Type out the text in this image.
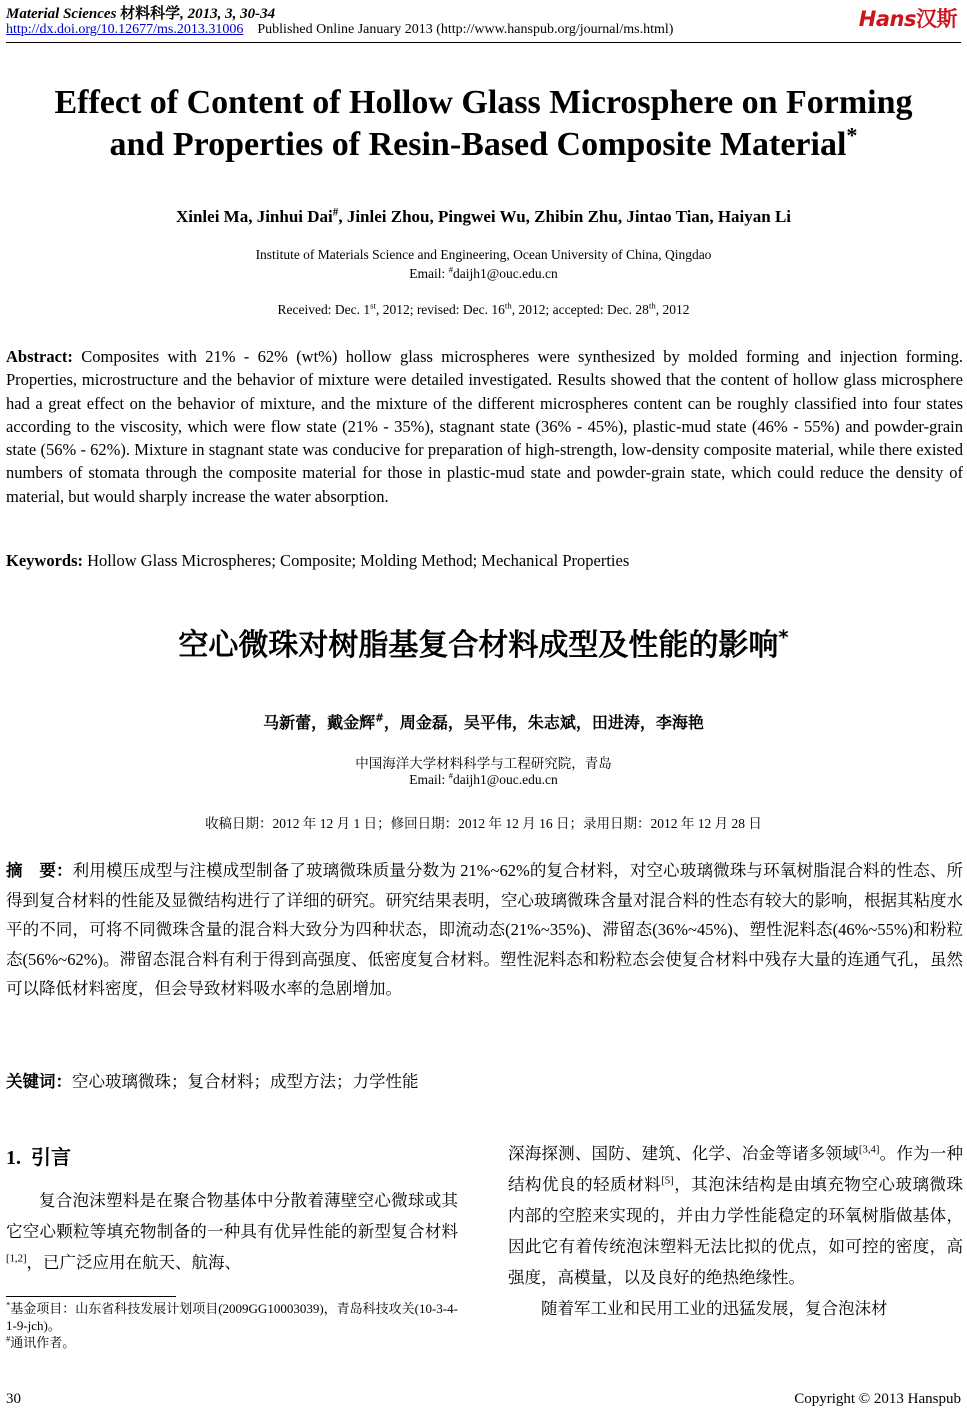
Material Sciences 材料科学, 2013, 3, 30-34
http://dx.doi.org/10.12677/ms.2013.31006 Published Online January 2013 (http://www.hanspub.org/journal/ms.html)	Hans汉斯
Effect of Content of Hollow Glass Microsphere on Forming
and Properties of Resin-Based Composite Material*
Xinlei Ma, Jinhui Dai#, Jinlei Zhou, Pingwei Wu, Zhibin Zhu, Jintao Tian, Haiyan Li
Institute of Materials Science and Engineering, Ocean University of China, Qingdao
Email: #daijh1@ouc.edu.cn
Received: Dec. 1st, 2012; revised: Dec. 16th, 2012; accepted: Dec. 28th, 2012
Abstract: Composites with 21% - 62% (wt%) hollow glass microspheres were synthesized by molded forming and injection forming. Properties, microstructure and the behavior of mixture were detailed investigated. Results showed that the content of hollow glass microsphere had a great effect on the behavior of mixture, and the mixture of the different microspheres content can be roughly classified into four states according to the viscosity, which were flow state (21% - 35%), stagnant state (36% - 45%), plastic-mud state (46% - 55%) and powder-grain state (56% - 62%). Mixture in stagnant state was conducive for preparation of high-strength, low-density composite material, while there existed numbers of stomata through the composite material for those in plastic-mud state and powder-grain state, which could reduce the density of material, but would sharply increase the water absorption.
Keywords: Hollow Glass Microspheres; Composite; Molding Method; Mechanical Properties
空心微珠对树脂基复合材料成型及性能的影响*
马新蕾，戴金辉#，周金磊，吴平伟，朱志斌，田进涛，李海艳
中国海洋大学材料科学与工程研究院，青岛
Email: #daijh1@ouc.edu.cn
收稿日期：2012 年 12 月 1 日；修回日期：2012 年 12 月 16 日；录用日期：2012 年 12 月 28 日
摘　要：利用模压成型与注模成型制备了玻璃微珠质量分数为 21%~62%的复合材料，对空心玻璃微珠与环氧树脂混合料的性态、所得到复合材料的性能及显微结构进行了详细的研究。研究结果表明，空心玻璃微珠含量对混合料的性态有较大的影响，根据其粘度水平的不同，可将不同微珠含量的混合料大致分为四种状态，即流动态(21%~35%)、滞留态(36%~45%)、塑性泥料态(46%~55%)和粉粒态(56%~62%)。滞留态混合料有利于得到高强度、低密度复合材料。塑性泥料态和粉粒态会使复合材料中残存大量的连通气孔，虽然可以降低材料密度，但会导致材料吸水率的急剧增加。
关键词：空心玻璃微珠；复合材料；成型方法；力学性能
1. 引言

复合泡沫塑料是在聚合物基体中分散着薄壁空心微球或其它空心颗粒等填充物制备的一种具有优异性能的新型复合材料[1,2]，已广泛应用在航天、航海、

深海探测、国防、建筑、化学、冶金等诸多领域[3,4]。作为一种结构优良的轻质材料[5]，其泡沫结构是由填充物空心玻璃微珠内部的空腔来实现的，并由力学性能稳定的环氧树脂做基体，因此它有着传统泡沫塑料无法比拟的优点，如可控的密度，高强度，高模量，以及良好的绝热绝缘性。

随着军工业和民用工业的迅猛发展，复合泡沫材

*基金项目：山东省科技发展计划项目(2009GG10003039)，青岛科技攻关(10-3-4-1-9-jch)。
#通讯作者。
30	Copyright © 2013 Hanspub
